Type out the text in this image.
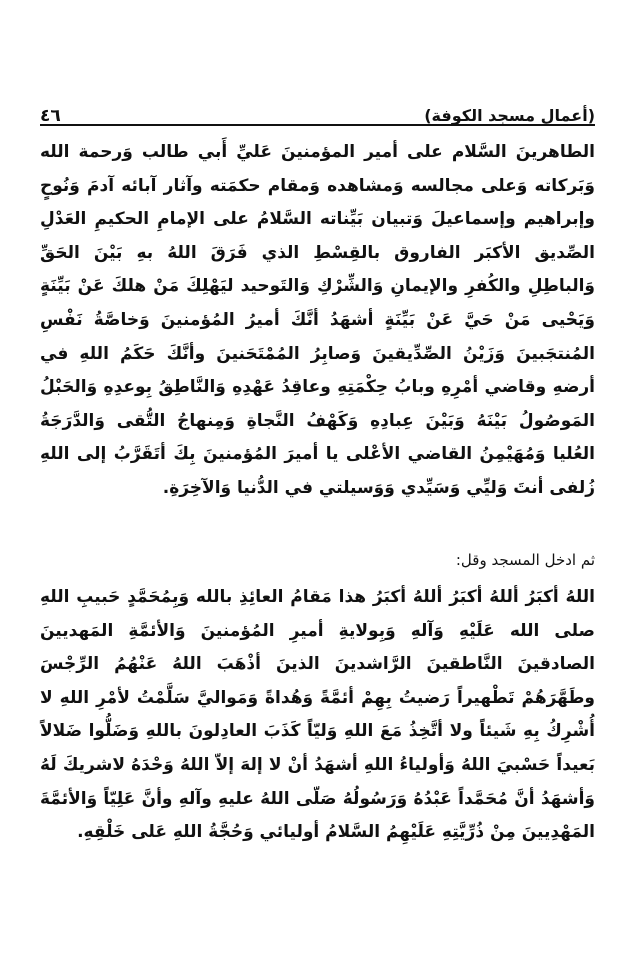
(أعمال مسجد الكوفة)
٤٦

الطاهرينَ السَّلام على أمير المؤمنينَ عَليِّ أَبي طالب وَرحمة الله وَبَركاته وَعلى مجالسه وَمشاهده وَمقام حكمَته وآثار آبائه آدمَ وَنُوحٍ وإبراهيم وإسماعيلَ وَتبيان بَيِّناته السَّلامُ على الإمامِ الحكيمِ العَدْلِ الصِّديق الأكبَر الفاروق بالقِسْطِ الذي فَرَقَ اللهُ بهِ بَيْنَ الحَقِّ وَالباطِلِ والكُفرِ والإيمانِ وَالشِّرْكِ وَالتَوحيد ليَهْلِكَ مَنْ هلكَ عَنْ بَيِّنَةٍ وَيَحْيى مَنْ حَيَّ عَنْ بَيِّنَةٍ أشهَدُ أنَّكَ أميرُ المُؤمنينَ وَخاصَّةُ نَفْسِ المُنتجَبينَ وَزَيْنُ الصِّدِّيقينَ وَصابِرُ المُمْتَحَنينَ وأنَّكَ حَكَمُ اللهِ في أرضهِ وقاضي أمْرِهِ وبابُ حِكْمَتِهِ وعاقِدُ عَهْدِهِ وَالنَّاطِقُ بِوعدِهِ وَالحَبْلُ المَوصُولُ بَيْنَهُ وَبَيْنَ عِبادِهِ وَكَهْفُ النَّجاةِ وَمِنهاجُ التُّقى وَالدَّرَجَةُ العُليا وَمُهَيْمِنُ القاضي الأعْلى يا أميرَ المُؤمنينَ بِكَ أتَقَرَّبُ إلى اللهِ زُلفى أنتَ وَليِّي وَسَيِّدي وَوَسيلتي في الدُّنيا وَالآخِرَةِ.

ثم ادخل المسجد وقل:

اللهُ أكبَرُ أللهُ أكبَرُ أللهُ أكبَرُ هذا مَقامُ العائِذِ بالله وَبِمُحَمَّدٍ حَبيبِ اللهِ صلى الله عَلَيْهِ وَآلهِ وَبِولايةِ أميرِ المُؤمنينَ وَالأئمَّةِ المَهديينَ الصادقينَ النَّاطقينَ الرَّاشدينَ الذينَ أذْهَبَ اللهُ عَنْهُمُ الرِّجْسَ وطَهَّرَهُمْ تَطْهيراً رَضيتُ بِهِمْ أئمَّةً وَهُداةً وَمَواليَّ سَلَّمْتُ لأمْرِ اللهِ لا أُشْرِكُ بِهِ شَيئاً ولا أتَّخِذُ مَعَ اللهِ وَليّاً كَذَبَ العادِلونَ باللهِ وَضَلُّوا ضَلالاً بَعيداً حَسْبيَ اللهُ وَأولياءُ اللهِ أشهَدُ أنْ لا إلهَ إلاّ اللهُ وَحْدَهُ لاشريكَ لَهُ وَأشهَدُ أنَّ مُحَمَّداً عَبْدُهُ وَرَسُولُهُ صَلّى اللهُ عليهِ وآلهِ وأنَّ عَلِيّاً وَالأئمَّةَ المَهْدِيينَ مِنْ ذُرِّيَّتِهِ عَلَيْهِمُ السَّلامُ أوليائي وَحُجَّةُ اللهِ عَلى خَلْقِهِ.
